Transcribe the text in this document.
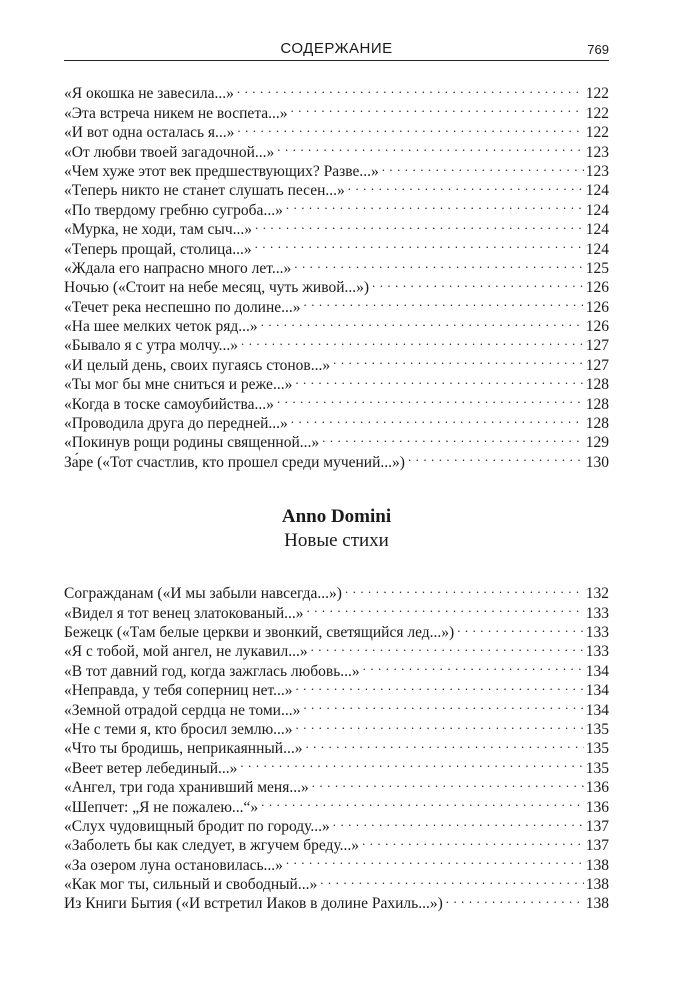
СОДЕРЖАНИЕ	769
«Я окошка не завесила...» . . .	122
«Эта встреча никем не воспета...» . . .	122
«И вот одна осталась я...» . . .	122
«От любви твоей загадочной...» . . .	123
«Чем хуже этот век предшествующих? Разве...» . . .	123
«Теперь никто не станет слушать песен...» . . .	124
«По твердому гребню сугроба...» . . .	124
«Мурка, не ходи, там сыч...» . . .	124
«Теперь прощай, столица...» . . .	124
«Ждала его напрасно много лет...» . . .	125
Ночью («Стоит на небе месяц, чуть живой...») . . .	126
«Течет река неспешно по долине...» . . .	126
«На шее мелких четок ряд...» . . .	126
«Бывало я с утра молчу...» . . .	127
«И целый день, своих пугаясь стонов...» . . .	127
«Ты мог бы мне сниться и реже...» . . .	128
«Когда в тоске самоубийства...» . . .	128
«Проводила друга до передней...» . . .	128
«Покинув рощи родины священной...» . . .	129
За́ре («Тот счастлив, кто прошел среди мучений...») . . .	130
Anno Domini
Новые стихи
Согражданам («И мы забыли навсегда...») . . .	132
«Видел я тот венец златокованый...» . . .	133
Бежецк («Там белые церкви и звонкий, светящийся лед...») . . .	133
«Я с тобой, мой ангел, не лукавил...» . . .	133
«В тот давний год, когда зажглась любовь...» . . .	134
«Неправда, у тебя соперниц нет...» . . .	134
«Земной отрадой сердца не томи...» . . .	134
«Не с теми я, кто бросил землю...» . . .	135
«Что ты бродишь, неприкаянный...» . . .	135
«Веет ветер лебединый...» . . .	135
«Ангел, три года хранивший меня...» . . .	136
«Шепчет: „Я не пожалею...“» . . .	136
«Слух чудовищный бродит по городу...» . . .	137
«Заболеть бы как следует, в жгучем бреду...» . . .	137
«За озером луна остановилась...» . . .	138
«Как мог ты, сильный и свободный...» . . .	138
Из Книги Бытия («И встретил Иаков в долине Рахиль...») . . .	138
